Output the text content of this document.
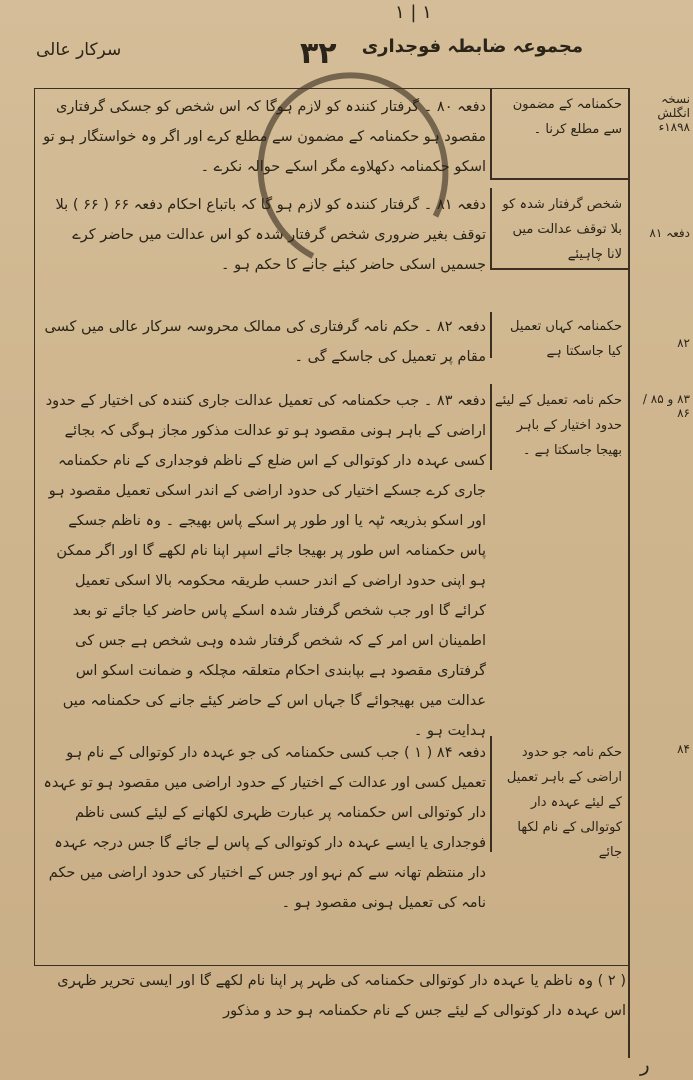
۱ | ۱
مجموعہ ضابطہ فوجداری
۳۲
سرکار عالی
نسخہ انگلش ۱۸۹۸ء
دفعہ ۸۱
۸۲
۸۳ و ۸۵ / ۸۶
۸۴
حکمنامہ کے مضمون سے مطلع کرنا ۔
شخص گرفتار شدہ کو بلا توقف عدالت میں لانا چاہیئے
حکمنامہ کہاں تعمیل کیا جاسکتا ہے
حکم نامہ تعمیل کے لیئے حدود اختیار کے باہر بھیجا جاسکتا ہے ۔
حکم نامہ جو حدود اراضی کے باہر تعمیل کے لیئے عہدہ دار کوتوالی کے نام لکھا جائے
دفعہ ۸۰ ۔ گرفتار کنندہ کو لازم ہوگا کہ اس شخص کو جسکی گرفتاری مقصود ہو حکمنامہ کے مضمون سے مطلع کرے اور اگر وہ خواستگار ہو تو اسکو حکمنامہ دکھلاوے مگر اسکے حوالہ نکرے ۔
دفعہ ۸۱ ۔ گرفتار کنندہ کو لازم ہو گا کہ باتباع احکام دفعہ ۶۶ ( ۶۶ ) بلا توقف بغیر ضروری شخص گرفتار شدہ کو اس عدالت میں حاضر کرے جسمیں اسکی حاضر کیئے جانے کا حکم ہو ۔
دفعہ ۸۲ ۔ حکم نامہ گرفتاری کی ممالک محروسہ سرکار عالی میں کسی مقام پر تعمیل کی جاسکے گی ۔
دفعہ ۸۳ ۔ جب حکمنامہ کی تعمیل عدالت جاری کنندہ کی اختیار کے حدود اراضی کے باہر ہونی مقصود ہو تو عدالت مذکور مجاز ہوگی کہ بجائے کسی عہدہ دار کوتوالی کے اس ضلع کے ناظم فوجداری کے نام حکمنامہ جاری کرے جسکے اختیار کی حدود اراضی کے اندر اسکی تعمیل مقصود ہو اور اسکو بذریعہ ٹپہ یا اور طور پر اسکے پاس بھیجے ۔ وہ ناظم جسکے پاس حکمنامہ اس طور پر بھیجا جائے اسپر اپنا نام لکھے گا اور اگر ممکن ہو اپنی حدود اراضی کے اندر حسب طریقہ محکومہ بالا اسکی تعمیل کرائے گا اور جب شخص گرفتار شدہ اسکے پاس حاضر کیا جائے تو بعد اطمینان اس امر کے کہ شخص گرفتار شدہ وہی شخص ہے جس کی گرفتاری مقصود ہے بپابندی احکام متعلقہ مچلکہ و ضمانت اسکو اس عدالت میں بھیجوائے گا جہاں اس کے حاضر کیئے جانے کی حکمنامہ میں ہدایت ہو ۔
دفعہ ۸۴ ( ۱ ) جب کسی حکمنامہ کی جو عہدہ دار کوتوالی کے نام ہو تعمیل کسی اور عدالت کے اختیار کے حدود اراضی میں مقصود ہو تو عہدہ دار کوتوالی اس حکمنامہ پر عبارت ظہری لکھانے کے لیئے کسی ناظم فوجداری یا ایسے عہدہ دار کوتوالی کے پاس لے جائے گا جس درجہ عہدہ دار منتظم تھانہ سے کم نہو اور جس کے اختیار کی حدود اراضی میں حکم نامہ کی تعمیل ہونی مقصود ہو ۔
( ۲ ) وہ ناظم یا عہدہ دار کوتوالی حکمنامہ کی ظہر پر اپنا نام لکھے گا اور ایسی تحریر ظہری اس عہدہ دار کوتوالی کے لیئے جس کے نام حکمنامہ ہو حد و مذکور
ر
